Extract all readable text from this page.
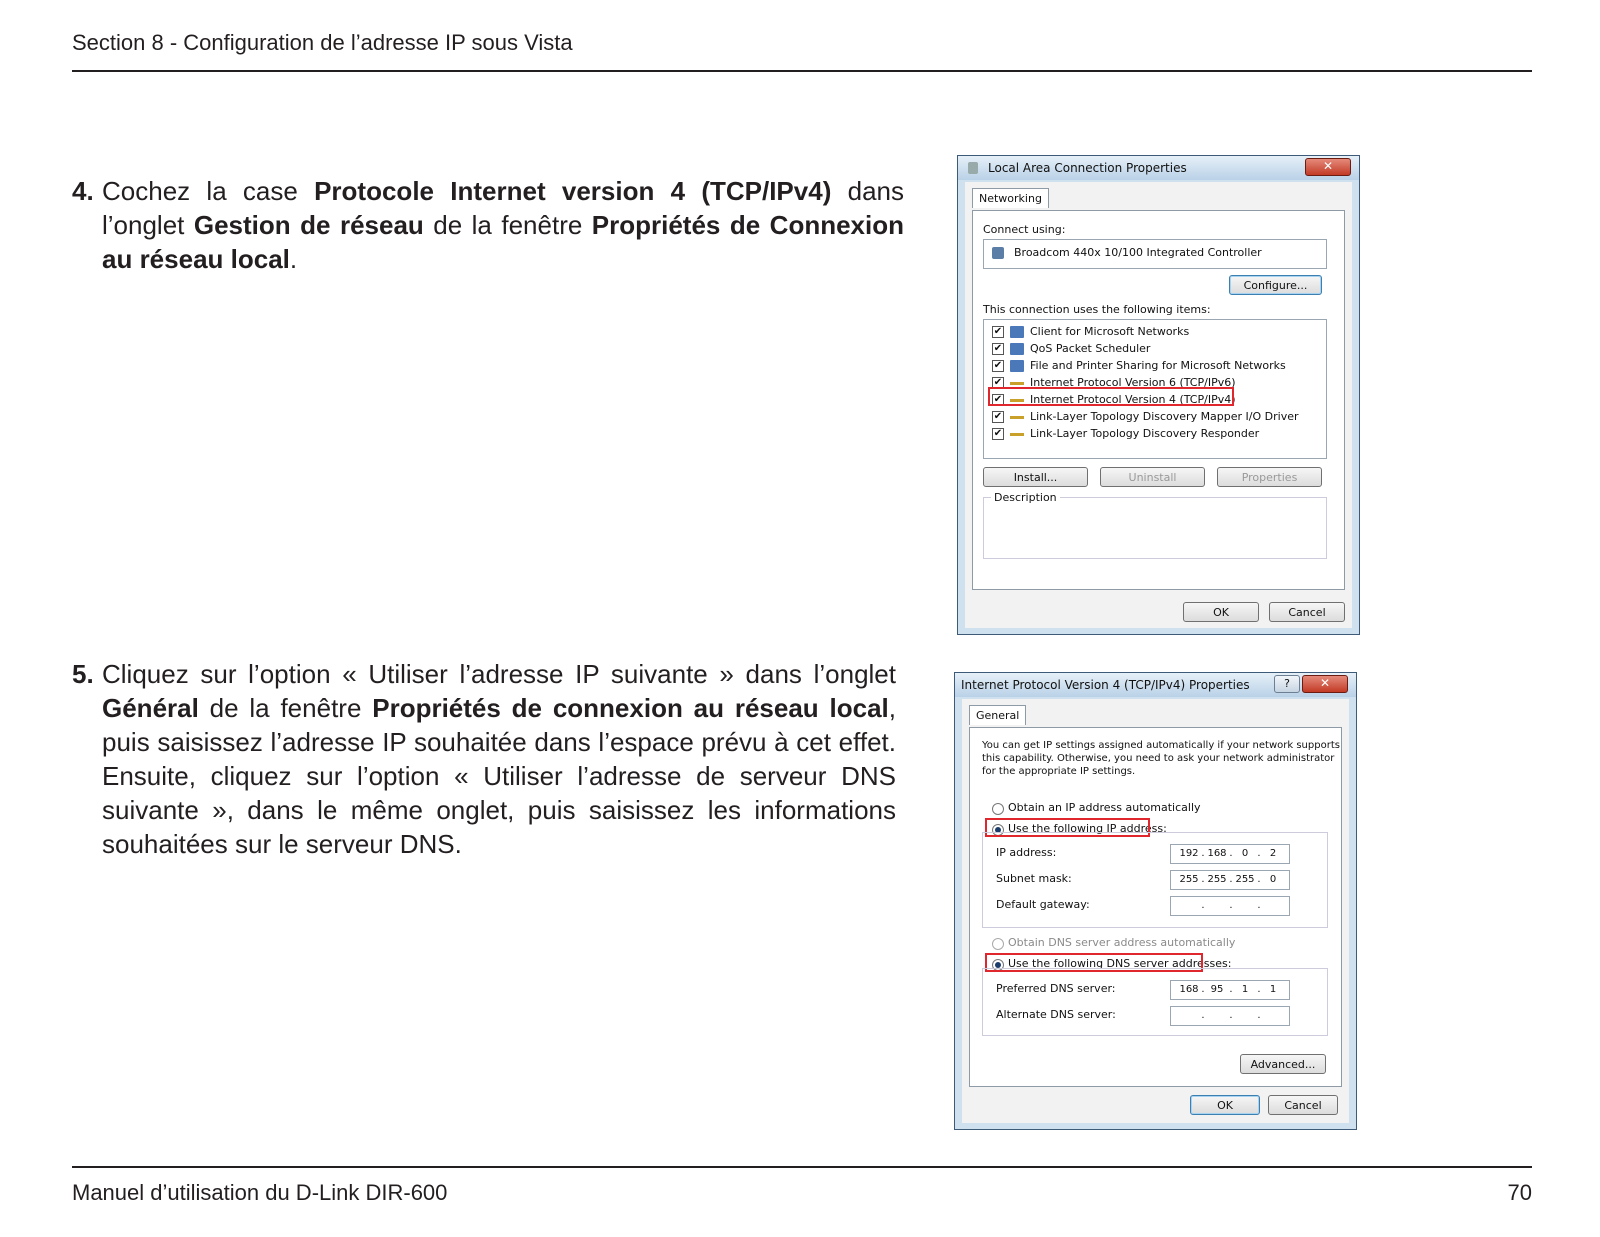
Section 8 - Configuration de l’adresse IP sous Vista
4. Cochez la case Protocole Internet version 4 (TCP/IPv4) dans l’onglet Gestion de réseau de la fenêtre Propriétés de Connexion au réseau local.
5. Cliquez sur l’option « Utiliser l’adresse IP suivante » dans l’onglet Général de la fenêtre Propriétés de connexion au réseau local, puis saisissez l’adresse IP souhaitée dans l’espace prévu à cet effet. Ensuite, cliquez sur l’option « Utiliser l’adresse de serveur DNS suivante », dans le même onglet, puis saisissez les informations souhaitées sur le serveur DNS.
Local Area Connection Properties	✕
Networking
Connect using:
Broadcom 440x 10/100 Integrated Controller
Configure...
This connection uses the following items:
✔	Client for Microsoft Networks
✔	QoS Packet Scheduler
✔	File and Printer Sharing for Microsoft Networks
✔	Internet Protocol Version 6 (TCP/IPv6)
✔	Internet Protocol Version 4 (TCP/IPv4)
✔	Link-Layer Topology Discovery Mapper I/O Driver
✔	Link-Layer Topology Discovery Responder
Install...	Uninstall	Properties
Description
OK	Cancel
Internet Protocol Version 4 (TCP/IPv4) Properties	?	✕
General
You can get IP settings assigned automatically if your network supports
this capability. Otherwise, you need to ask your network administrator
for the appropriate IP settings.
Obtain an IP address automatically
Use the following IP address:
IP address:	192 . 168 . 0 . 2
Subnet mask:	255 . 255 . 255 . 0
Default gateway:	. . .
Obtain DNS server address automatically
Use the following DNS server addresses:
Preferred DNS server:	168 . 95 . 1 . 1
Alternate DNS server:	. . .
Advanced...
OK	Cancel
Manuel d’utilisation du D-Link DIR-600	70
